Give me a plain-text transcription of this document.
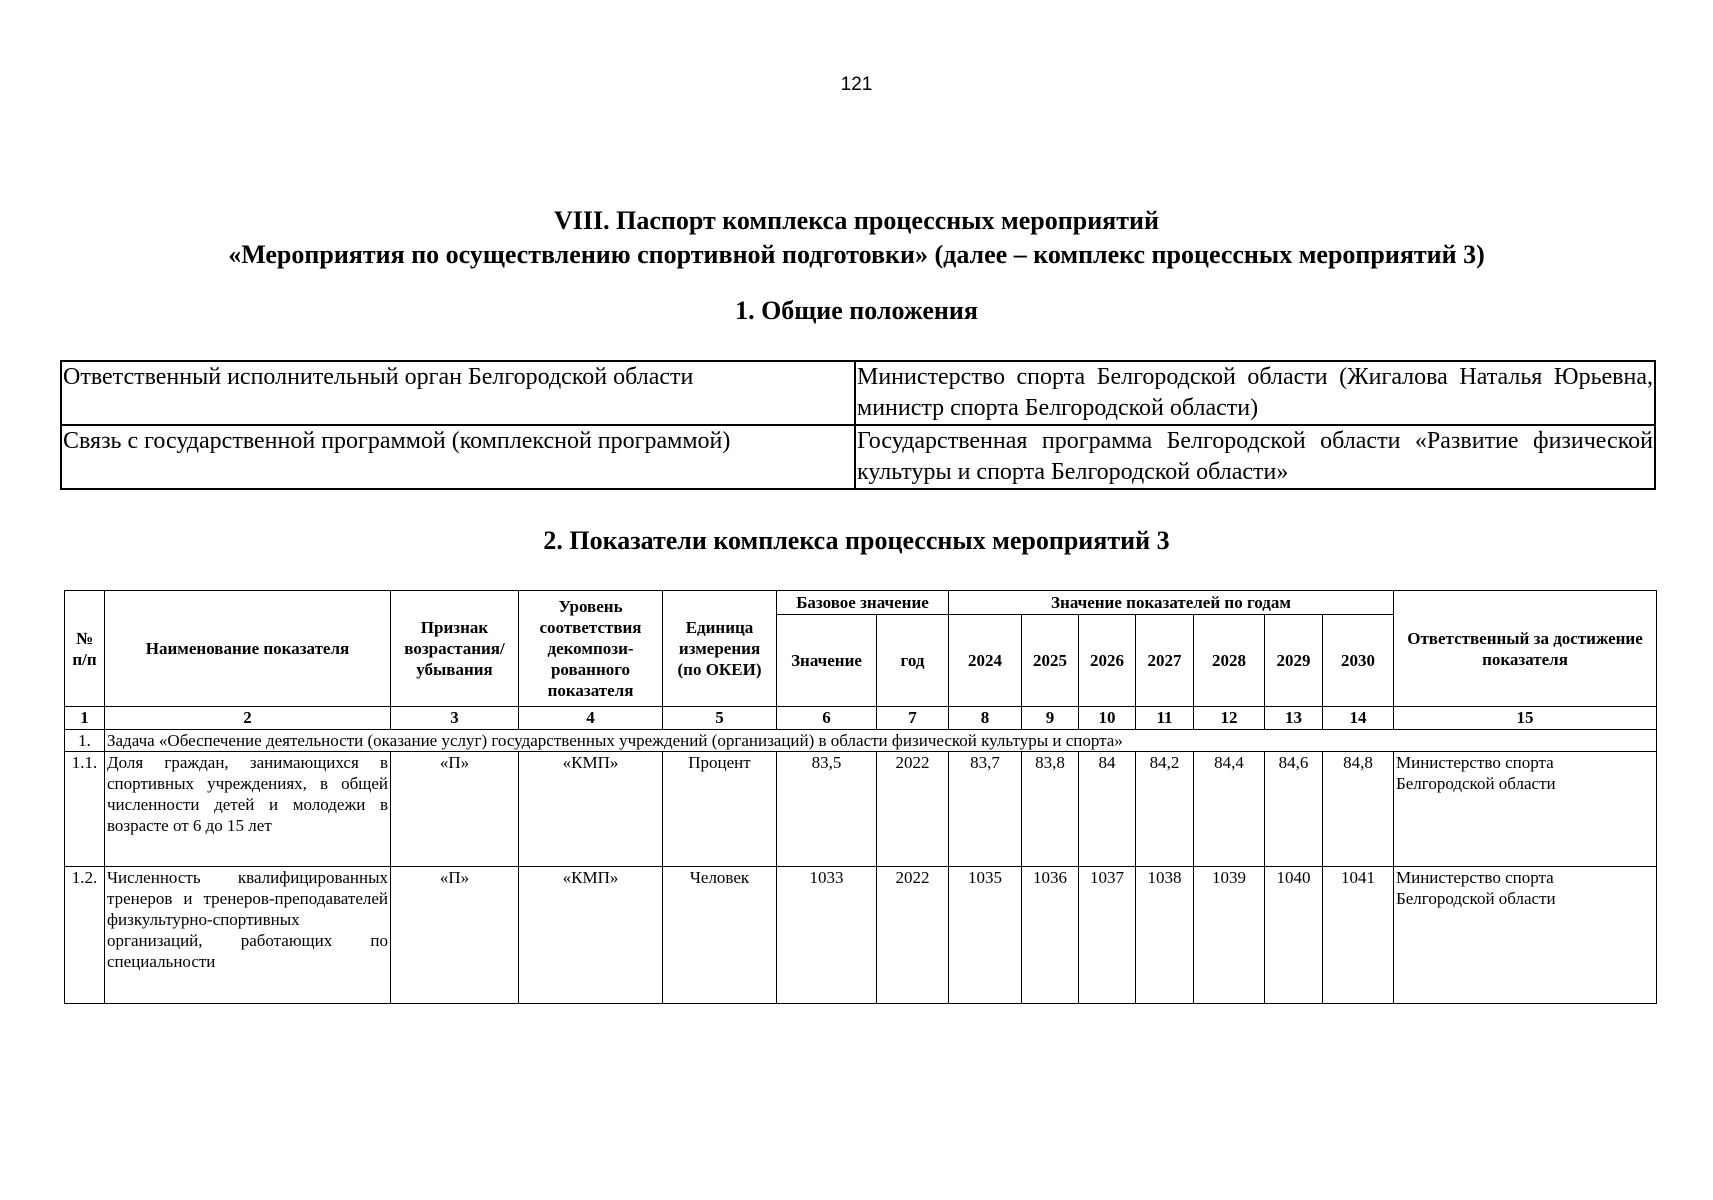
121
VIII. Паспорт комплекса процессных мероприятий
«Мероприятия по осуществлению спортивной подготовки» (далее – комплекс процессных мероприятий 3)
1. Общие положения
Ответственный исполнительный орган Белгородской области	Министерство спорта Белгородской области (Жигалова Наталья Юрьевна, министр спорта Белгородской области)
Связь с государственной программой (комплексной программой)	Государственная программа Белгородской области «Развитие физической культуры и спорта Белгородской области»
2. Показатели комплекса процессных мероприятий 3
№ п/п	Наименование показателя	Признак возрастания/ убывания	Уровень соответствия декомпози-рованного показателя	Единица измерения (по ОКЕИ)	Базовое значение		Значение показателей по годам							Ответственный за достижение показателя
					Значение	год	2024	2025	2026	2027	2028	2029	2030	
1	2	3	4	5	6	7	8	9	10	11	12	13	14	15
1.	Задача «Обеспечение деятельности (оказание услуг) государственных учреждений (организаций) в области физической культуры и спорта»													
1.1.	Доля граждан, занимающихся в спортивных учреждениях, в общей численности детей и молодежи в возрасте от 6 до 15 лет	«П»	«КМП»	Процент	83,5	2022	83,7	83,8	84	84,2	84,4	84,6	84,8	Министерство спорта Белгородской области
1.2.	Численность квалифицированных тренеров и тренеров-преподавателей физкультурно-спортивных организаций, работающих по специальности	«П»	«КМП»	Человек	1033	2022	1035	1036	1037	1038	1039	1040	1041	Министерство спорта Белгородской области
